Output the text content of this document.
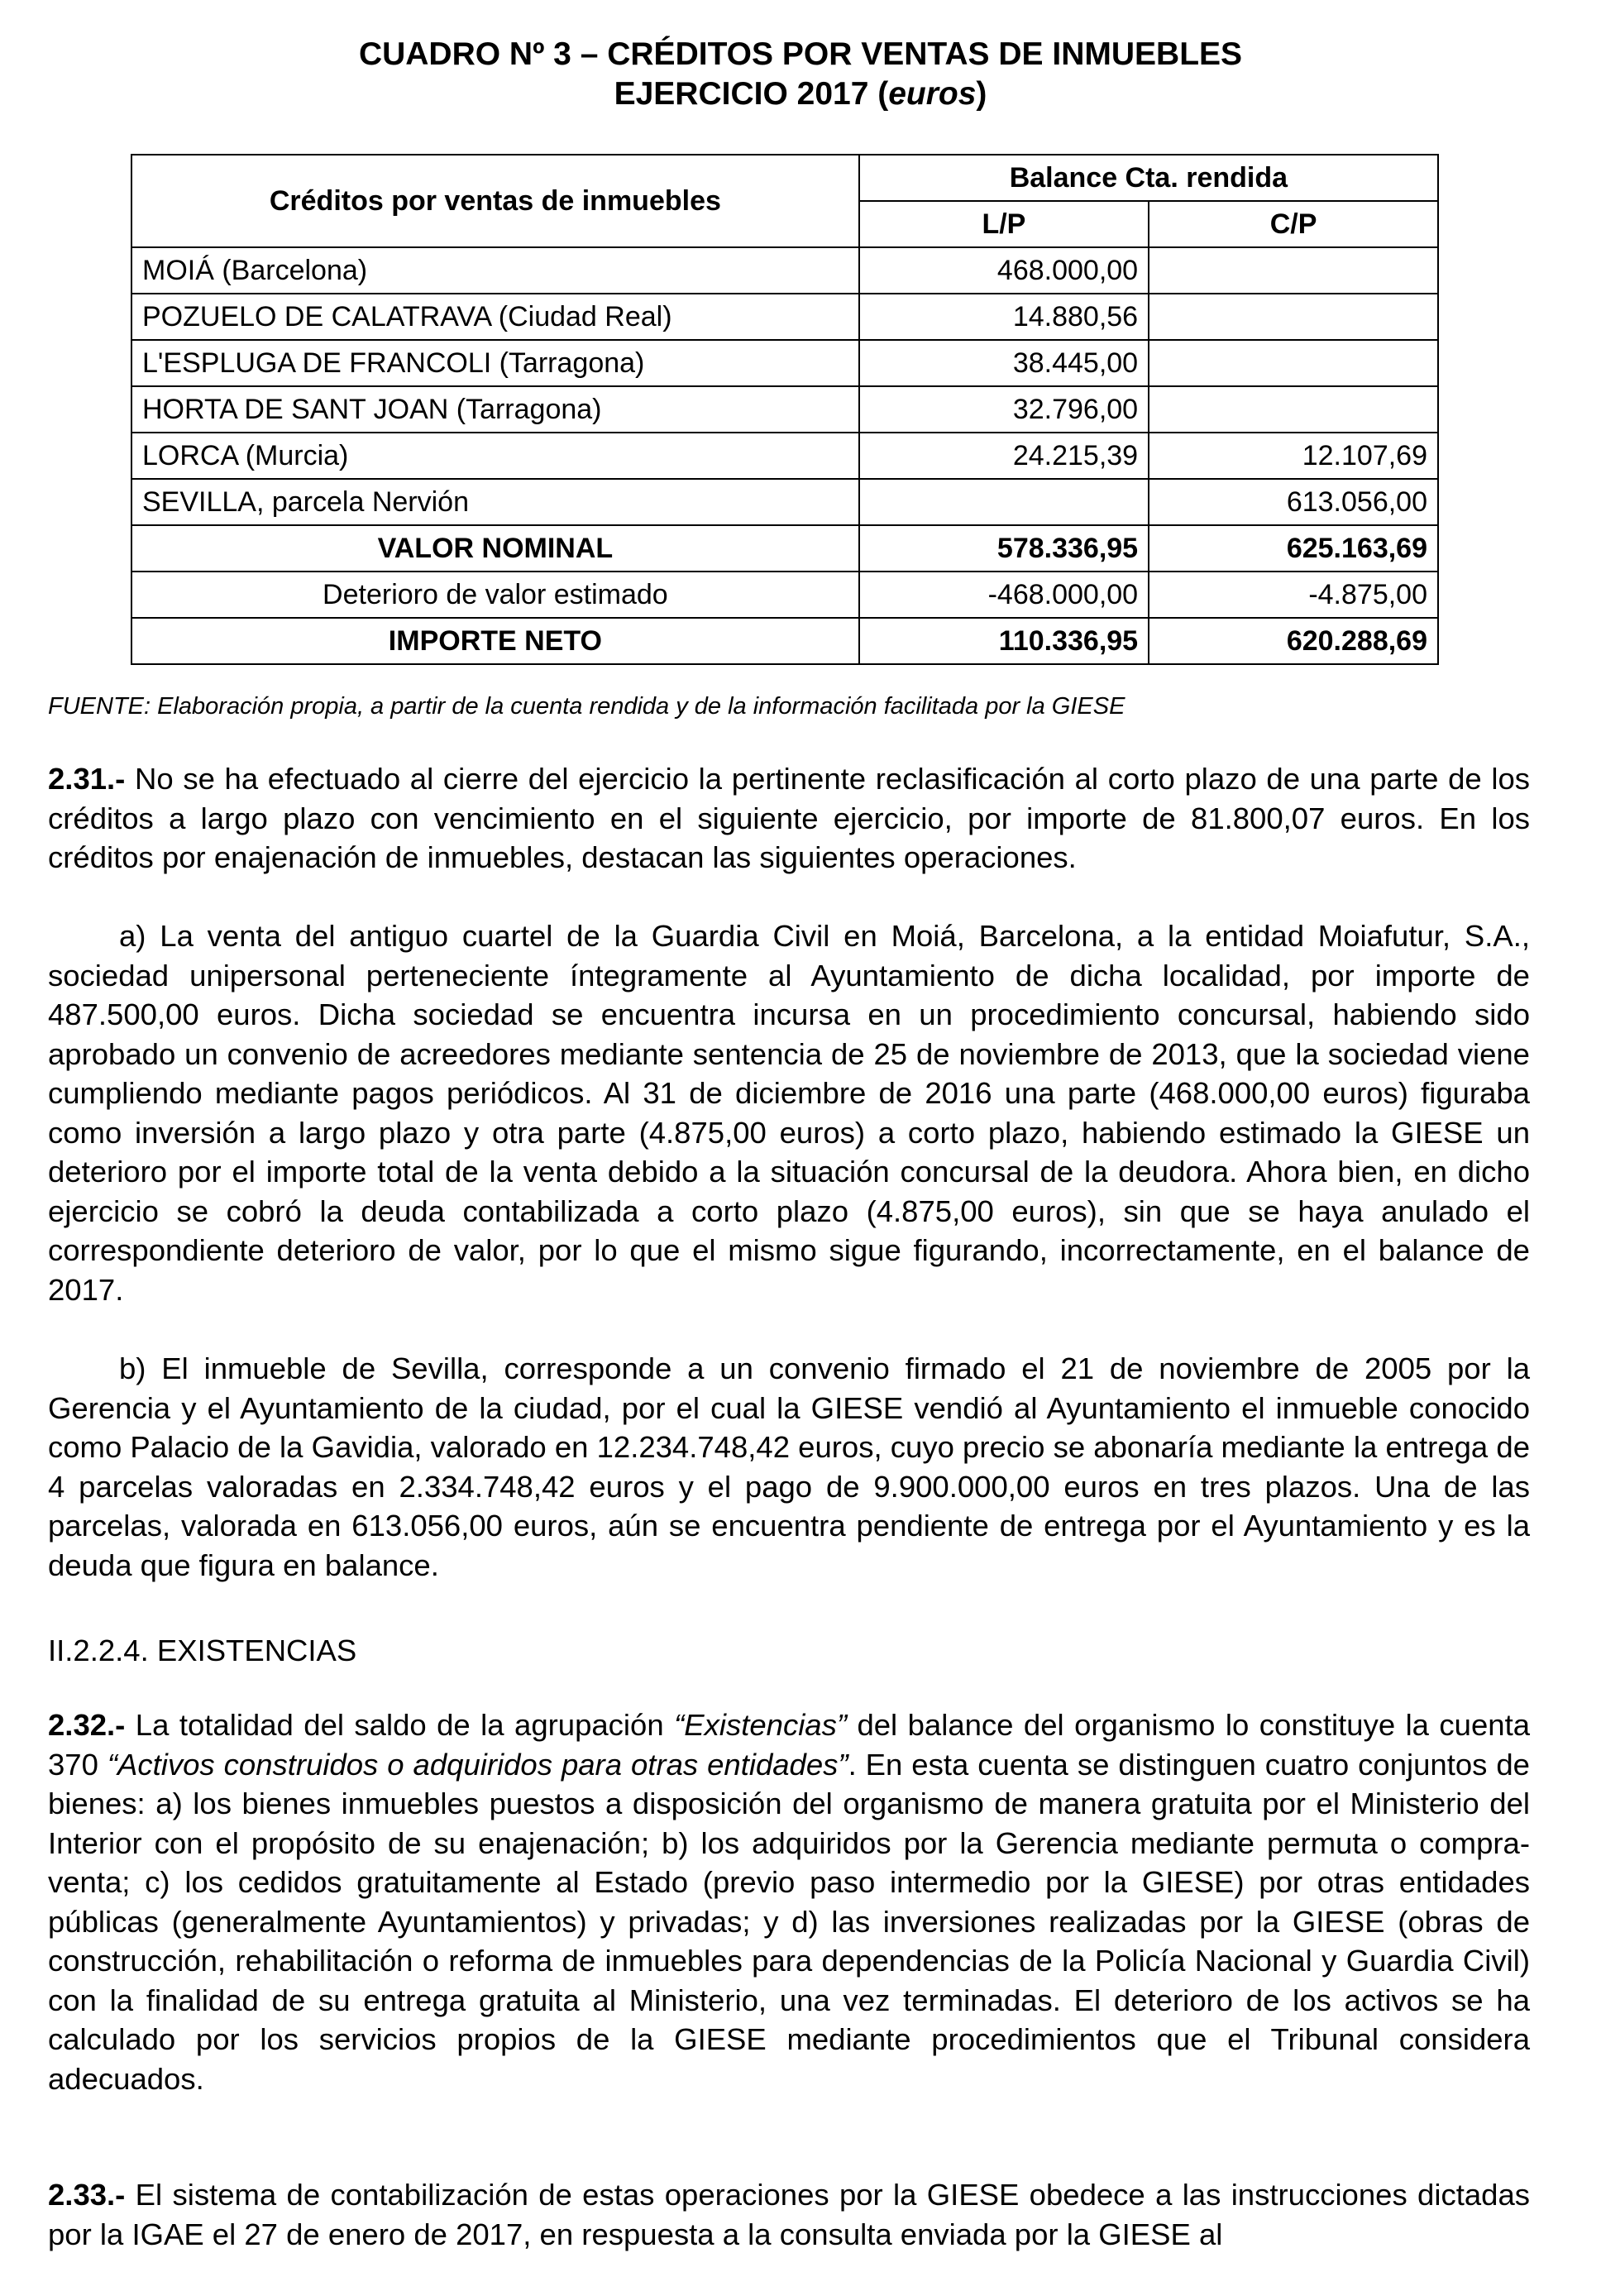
CUADRO Nº 3 – CRÉDITOS POR VENTAS DE INMUEBLES
EJERCICIO 2017 (euros)
Créditos por ventas de inmuebles	Balance Cta. rendida	
	L/P	C/P
MOIÁ (Barcelona)	468.000,00	
POZUELO DE CALATRAVA (Ciudad Real)	14.880,56	
L'ESPLUGA DE FRANCOLI (Tarragona)	38.445,00	
HORTA DE SANT JOAN (Tarragona)	32.796,00	
LORCA (Murcia)	24.215,39	12.107,69
SEVILLA, parcela Nervión		613.056,00
VALOR NOMINAL	578.336,95	625.163,69
Deterioro de valor estimado	-468.000,00	-4.875,00
IMPORTE NETO	110.336,95	620.288,69
FUENTE: Elaboración propia, a partir de la cuenta rendida y de la información facilitada por la GIESE
2.31.- No se ha efectuado al cierre del ejercicio la pertinente reclasificación al corto plazo de una parte de los créditos a largo plazo con vencimiento en el siguiente ejercicio, por importe de 81.800,07 euros. En los créditos por enajenación de inmuebles, destacan las siguientes operaciones.
a) La venta del antiguo cuartel de la Guardia Civil en Moiá, Barcelona, a la entidad Moiafutur, S.A., sociedad unipersonal perteneciente íntegramente al Ayuntamiento de dicha localidad, por importe de 487.500,00 euros. Dicha sociedad se encuentra incursa en un procedimiento concursal, habiendo sido aprobado un convenio de acreedores mediante sentencia de 25 de noviembre de 2013, que la sociedad viene cumpliendo mediante pagos periódicos. Al 31 de diciembre de 2016 una parte (468.000,00 euros) figuraba como inversión a largo plazo y otra parte (4.875,00 euros) a corto plazo, habiendo estimado la GIESE un deterioro por el importe total de la venta debido a la situación concursal de la deudora. Ahora bien, en dicho ejercicio se cobró la deuda contabilizada a corto plazo (4.875,00 euros), sin que se haya anulado el correspondiente deterioro de valor, por lo que el mismo sigue figurando, incorrectamente, en el balance de 2017.
b) El inmueble de Sevilla, corresponde a un convenio firmado el 21 de noviembre de 2005 por la Gerencia y el Ayuntamiento de la ciudad, por el cual la GIESE vendió al Ayuntamiento el inmueble conocido como Palacio de la Gavidia, valorado en 12.234.748,42 euros, cuyo precio se abonaría mediante la entrega de 4 parcelas valoradas en 2.334.748,42 euros y el pago de 9.900.000,00 euros en tres plazos. Una de las parcelas, valorada en 613.056,00 euros, aún se encuentra pendiente de entrega por el Ayuntamiento y es la deuda que figura en balance.
II.2.2.4. EXISTENCIAS
2.32.- La totalidad del saldo de la agrupación “Existencias” del balance del organismo lo constituye la cuenta 370 “Activos construidos o adquiridos para otras entidades”. En esta cuenta se distinguen cuatro conjuntos de bienes: a) los bienes inmuebles puestos a disposición del organismo de manera gratuita por el Ministerio del Interior con el propósito de su enajenación; b) los adquiridos por la Gerencia mediante permuta o compra-venta; c) los cedidos gratuitamente al Estado (previo paso intermedio por la GIESE) por otras entidades públicas (generalmente Ayuntamientos) y privadas; y d) las inversiones realizadas por la GIESE (obras de construcción, rehabilitación o reforma de inmuebles para dependencias de la Policía Nacional y Guardia Civil) con la finalidad de su entrega gratuita al Ministerio, una vez terminadas. El deterioro de los activos se ha calculado por los servicios propios de la GIESE mediante procedimientos que el Tribunal considera adecuados.
2.33.- El sistema de contabilización de estas operaciones por la GIESE obedece a las instrucciones dictadas por la IGAE el 27 de enero de 2017, en respuesta a la consulta enviada por la GIESE al
